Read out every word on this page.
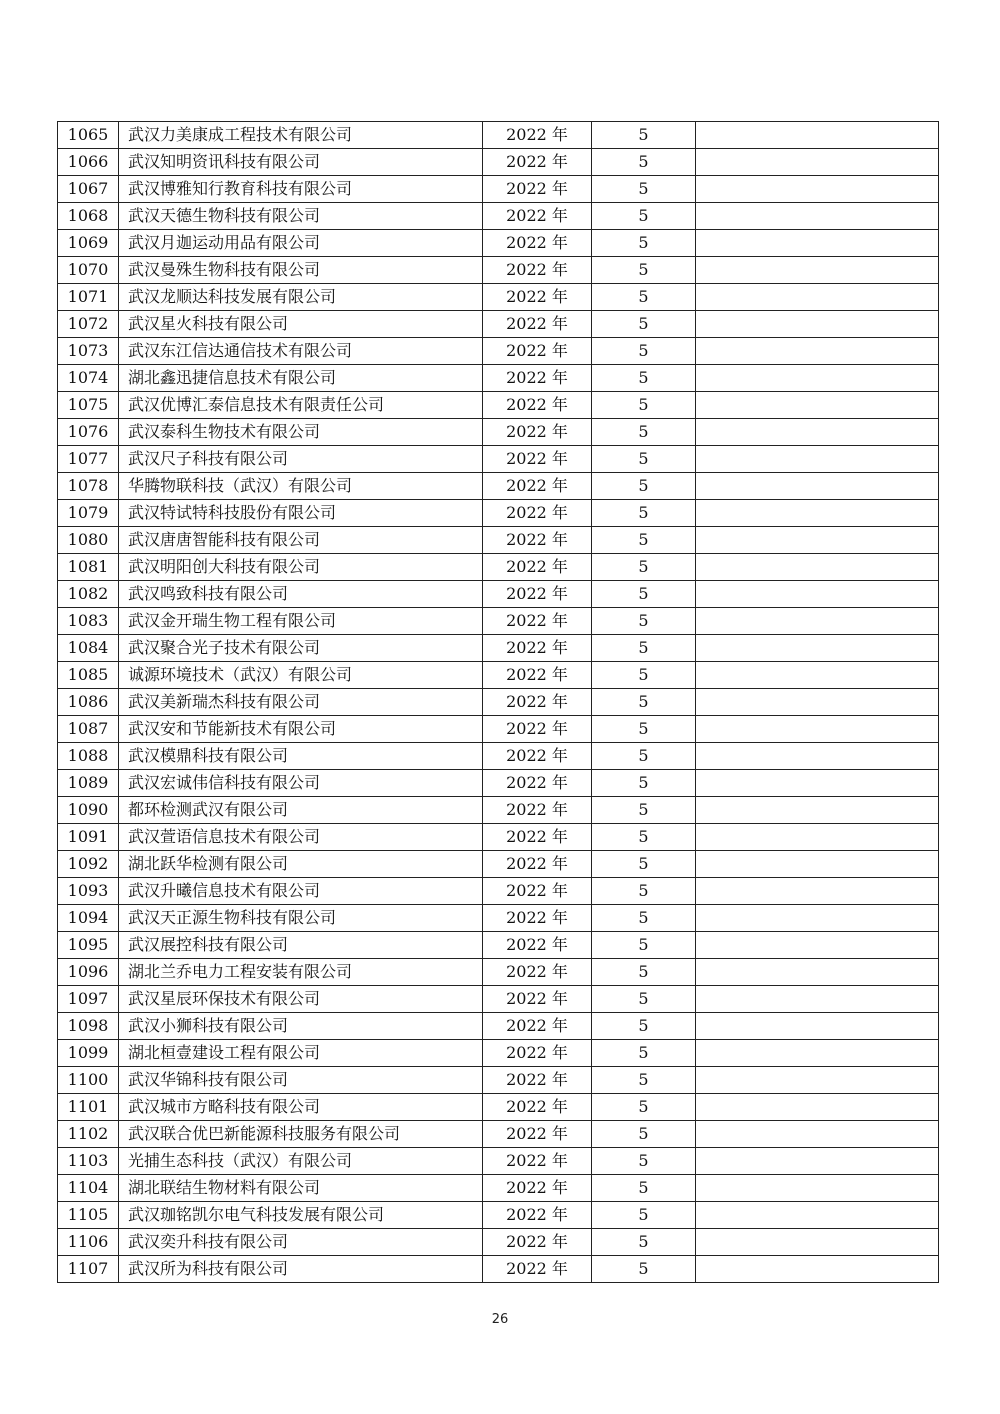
1065	武汉力美康成工程技术有限公司	2022 年	5	
1066	武汉知明资讯科技有限公司	2022 年	5	
1067	武汉博雅知行教育科技有限公司	2022 年	5	
1068	武汉天德生物科技有限公司	2022 年	5	
1069	武汉月迦运动用品有限公司	2022 年	5	
1070	武汉曼殊生物科技有限公司	2022 年	5	
1071	武汉龙顺达科技发展有限公司	2022 年	5	
1072	武汉星火科技有限公司	2022 年	5	
1073	武汉东江信达通信技术有限公司	2022 年	5	
1074	湖北鑫迅捷信息技术有限公司	2022 年	5	
1075	武汉优博汇泰信息技术有限责任公司	2022 年	5	
1076	武汉泰科生物技术有限公司	2022 年	5	
1077	武汉尺子科技有限公司	2022 年	5	
1078	华腾物联科技（武汉）有限公司	2022 年	5	
1079	武汉特试特科技股份有限公司	2022 年	5	
1080	武汉唐唐智能科技有限公司	2022 年	5	
1081	武汉明阳创大科技有限公司	2022 年	5	
1082	武汉鸣致科技有限公司	2022 年	5	
1083	武汉金开瑞生物工程有限公司	2022 年	5	
1084	武汉聚合光子技术有限公司	2022 年	5	
1085	诚源环境技术（武汉）有限公司	2022 年	5	
1086	武汉美新瑞杰科技有限公司	2022 年	5	
1087	武汉安和节能新技术有限公司	2022 年	5	
1088	武汉模鼎科技有限公司	2022 年	5	
1089	武汉宏诚伟信科技有限公司	2022 年	5	
1090	都环检测武汉有限公司	2022 年	5	
1091	武汉萱语信息技术有限公司	2022 年	5	
1092	湖北跃华检测有限公司	2022 年	5	
1093	武汉升曦信息技术有限公司	2022 年	5	
1094	武汉天正源生物科技有限公司	2022 年	5	
1095	武汉展控科技有限公司	2022 年	5	
1096	湖北兰乔电力工程安装有限公司	2022 年	5	
1097	武汉星辰环保技术有限公司	2022 年	5	
1098	武汉小狮科技有限公司	2022 年	5	
1099	湖北桓壹建设工程有限公司	2022 年	5	
1100	武汉华锦科技有限公司	2022 年	5	
1101	武汉城市方略科技有限公司	2022 年	5	
1102	武汉联合优巴新能源科技服务有限公司	2022 年	5	
1103	光捕生态科技（武汉）有限公司	2022 年	5	
1104	湖北联结生物材料有限公司	2022 年	5	
1105	武汉珈铭凯尔电气科技发展有限公司	2022 年	5	
1106	武汉奕升科技有限公司	2022 年	5	
1107	武汉所为科技有限公司	2022 年	5	
26
